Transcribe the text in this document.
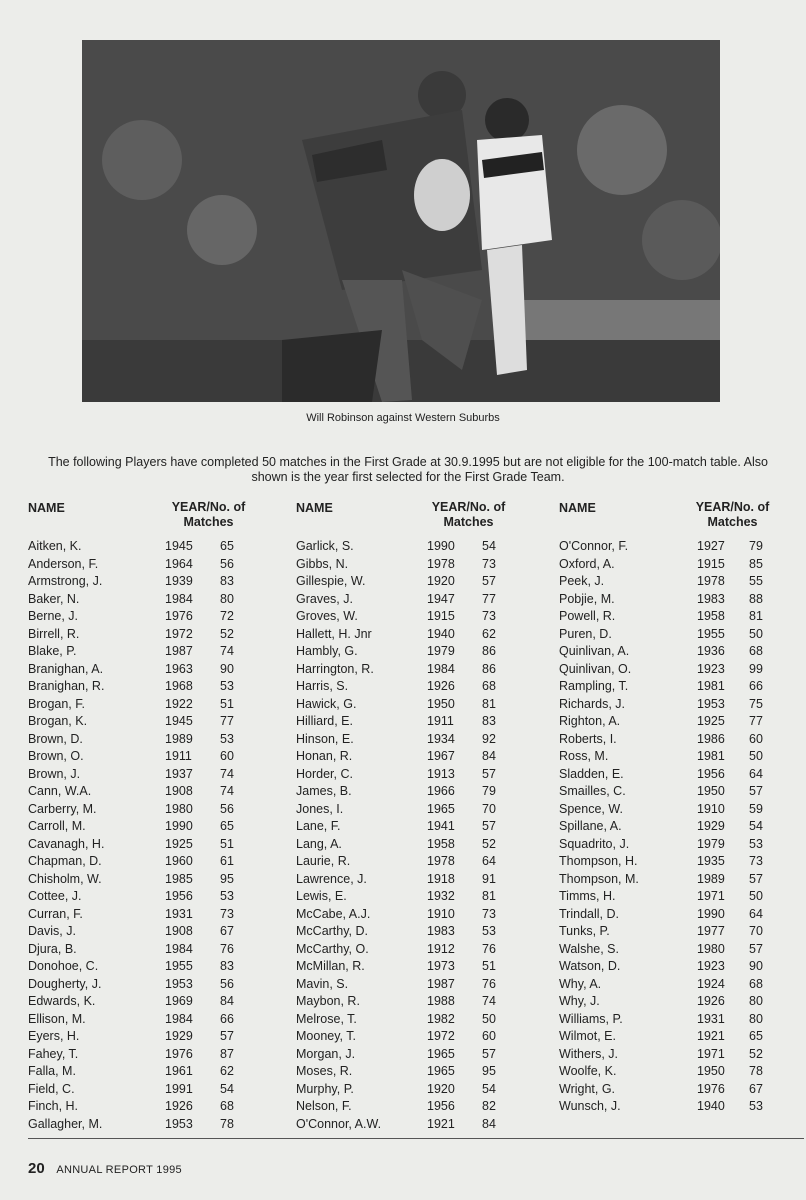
Will Robinson against Western Suburbs
The following Players have completed 50 matches in the First Grade at 30.9.1995 but are not eligible for the 100-match table. Also
shown is the year first selected for the First Grade Team.
NAME	YEAR/No. of
Matches
Aitken, K.	1945 65
Anderson, F.	1964 56
Armstrong, J.	1939 83
Baker, N.	1984 80
Berne, J.	1976 72
Birrell, R.	1972 52
Blake, P.	1987 74
Branighan, A.	1963 90
Branighan, R.	1968 53
Brogan, F.	1922 51
Brogan, K.	1945 77
Brown, D.	1989 53
Brown, O.	1911 60
Brown, J.	1937 74
Cann, W.A.	1908 74
Carberry, M.	1980 56
Carroll, M.	1990 65
Cavanagh, H.	1925 51
Chapman, D.	1960 61
Chisholm, W.	1985 95
Cottee, J.	1956 53
Curran, F.	1931 73
Davis, J.	1908 67
Djura, B.	1984 76
Donohoe, C.	1955 83
Dougherty, J.	1953 56
Edwards, K.	1969 84
Ellison, M.	1984 66
Eyers, H.	1929 57
Fahey, T.	1976 87
Falla, M.	1961 62
Field, C.	1991 54
Finch, H.	1926 68
Gallagher, M.	1953 78
NAME	YEAR/No. of
Matches
Garlick, S.	1990 54
Gibbs, N.	1978 73
Gillespie, W.	1920 57
Graves, J.	1947 77
Groves, W.	1915 73
Hallett, H. Jnr	1940 62
Hambly, G.	1979 86
Harrington, R.	1984 86
Harris, S.	1926 68
Hawick, G.	1950 81
Hilliard, E.	1911 83
Hinson, E.	1934 92
Honan, R.	1967 84
Horder, C.	1913 57
James, B.	1966 79
Jones, I.	1965 70
Lane, F.	1941 57
Lang, A.	1958 52
Laurie, R.	1978 64
Lawrence, J.	1918 91
Lewis, E.	1932 81
McCabe, A.J.	1910 73
McCarthy, D.	1983 53
McCarthy, O.	1912 76
McMillan, R.	1973 51
Mavin, S.	1987 76
Maybon, R.	1988 74
Melrose, T.	1982 50
Mooney, T.	1972 60
Morgan, J.	1965 57
Moses, R.	1965 95
Murphy, P.	1920 54
Nelson, F.	1956 82
O'Connor, A.W.	1921 84
NAME	YEAR/No. of
Matches
O'Connor, F.	1927 79
Oxford, A.	1915 85
Peek, J.	1978 55
Pobjie, M.	1983 88
Powell, R.	1958 81
Puren, D.	1955 50
Quinlivan, A.	1936 68
Quinlivan, O.	1923 99
Rampling, T.	1981 66
Richards, J.	1953 75
Righton, A.	1925 77
Roberts, I.	1986 60
Ross, M.	1981 50
Sladden, E.	1956 64
Smailles, C.	1950 57
Spence, W.	1910 59
Spillane, A.	1929 54
Squadrito, J.	1979 53
Thompson, H.	1935 73
Thompson, M.	1989 57
Timms, H.	1971 50
Trindall, D.	1990 64
Tunks, P.	1977 70
Walshe, S.	1980 57
Watson, D.	1923 90
Why, A.	1924 68
Why, J.	1926 80
Williams, P.	1931 80
Wilmot, E.	1921 65
Withers, J.	1971 52
Woolfe, K.	1950 78
Wright, G.	1976 67
Wunsch, J.	1940 53
20 ANNUAL REPORT 1995
